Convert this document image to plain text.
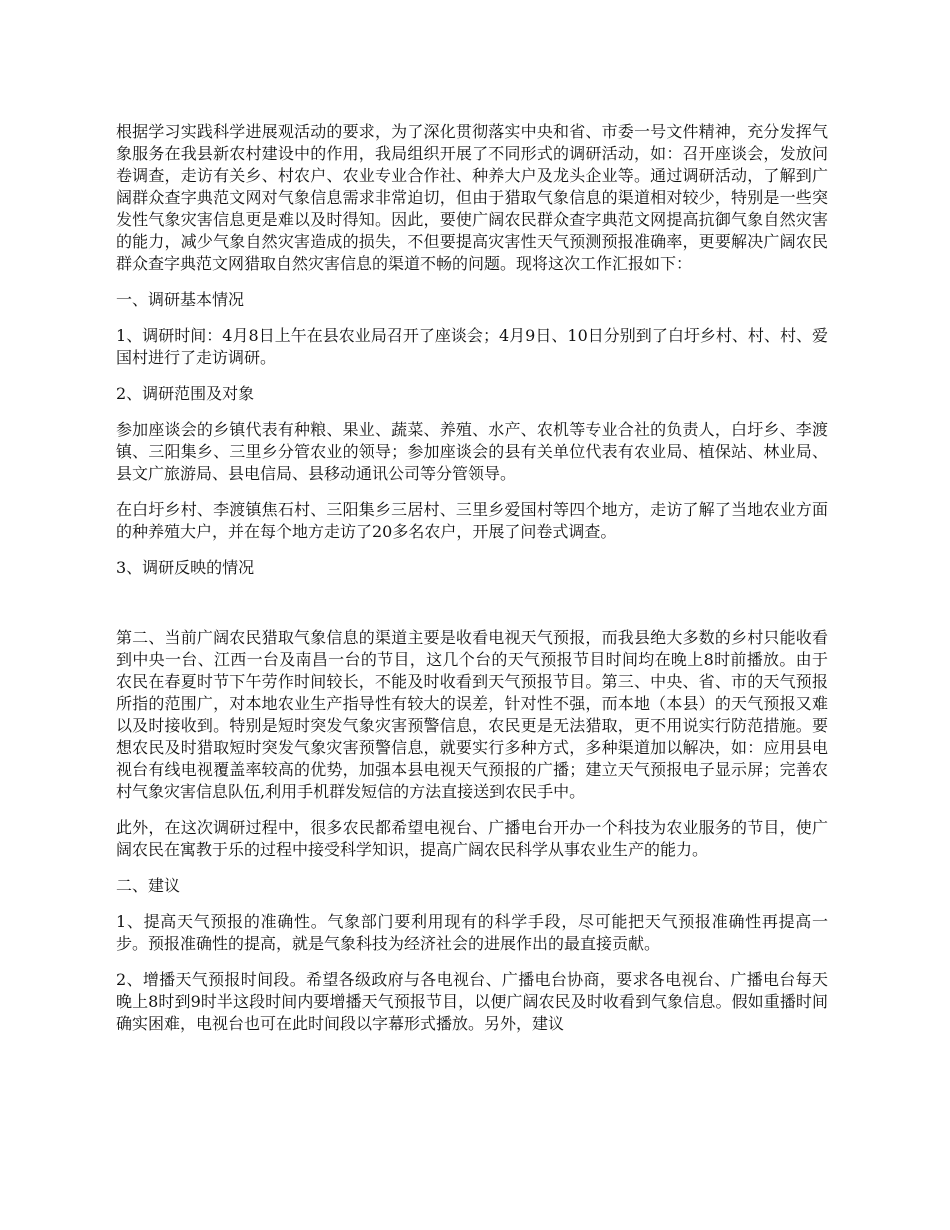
根据学习实践科学进展观活动的要求，为了深化贯彻落实中央和省、市委一号文件精神，充分发挥气象服务在我县新农村建设中的作用，我局组织开展了不同形式的调研活动，如：召开座谈会，发放问卷调查，走访有关乡、村农户、农业专业合作社、种养大户及龙头企业等。通过调研活动，了解到广阔群众查字典范文网对气象信息需求非常迫切，但由于猎取气象信息的渠道相对较少，特别是一些突发性气象灾害信息更是难以及时得知。因此，要使广阔农民群众查字典范文网提高抗御气象自然灾害的能力，减少气象自然灾害造成的损失，不但要提高灾害性天气预测预报准确率，更要解决广阔农民群众查字典范文网猎取自然灾害信息的渠道不畅的问题。现将这次工作汇报如下：

一、调研基本情况

1、调研时间：4月8日上午在县农业局召开了座谈会；4月9日、10日分别到了白圩乡村、村、村、爱国村进行了走访调研。

2、调研范围及对象

参加座谈会的乡镇代表有种粮、果业、蔬菜、养殖、水产、农机等专业合社的负责人，白圩乡、李渡镇、三阳集乡、三里乡分管农业的领导；参加座谈会的县有关单位代表有农业局、植保站、林业局、县文广旅游局、县电信局、县移动通讯公司等分管领导。

在白圩乡村、李渡镇焦石村、三阳集乡三居村、三里乡爱国村等四个地方，走访了解了当地农业方面的种养殖大户，并在每个地方走访了20多名农户，开展了问卷式调查。

3、调研反映的情况

第二、当前广阔农民猎取气象信息的渠道主要是收看电视天气预报，而我县绝大多数的乡村只能收看到中央一台、江西一台及南昌一台的节目，这几个台的天气预报节目时间均在晚上8时前播放。由于农民在春夏时节下午劳作时间较长，不能及时收看到天气预报节目。第三、中央、省、市的天气预报所指的范围广，对本地农业生产指导性有较大的误差，针对性不强，而本地（本县）的天气预报又难以及时接收到。特别是短时突发气象灾害预警信息，农民更是无法猎取，更不用说实行防范措施。要想农民及时猎取短时突发气象灾害预警信息，就要实行多种方式，多种渠道加以解决，如：应用县电视台有线电视覆盖率较高的优势，加强本县电视天气预报的广播；建立天气预报电子显示屏；完善农村气象灾害信息队伍,利用手机群发短信的方法直接送到农民手中。

此外，在这次调研过程中，很多农民都希望电视台、广播电台开办一个科技为农业服务的节目，使广阔农民在寓教于乐的过程中接受科学知识，提高广阔农民科学从事农业生产的能力。

二、建议

1、提高天气预报的准确性。气象部门要利用现有的科学手段，尽可能把天气预报准确性再提高一步。预报准确性的提高，就是气象科技为经济社会的进展作出的最直接贡献。

2、增播天气预报时间段。希望各级政府与各电视台、广播电台协商，要求各电视台、广播电台每天晚上8时到9时半这段时间内要增播天气预报节目，以便广阔农民及时收看到气象信息。假如重播时间确实困难，电视台也可在此时间段以字幕形式播放。另外，建议
